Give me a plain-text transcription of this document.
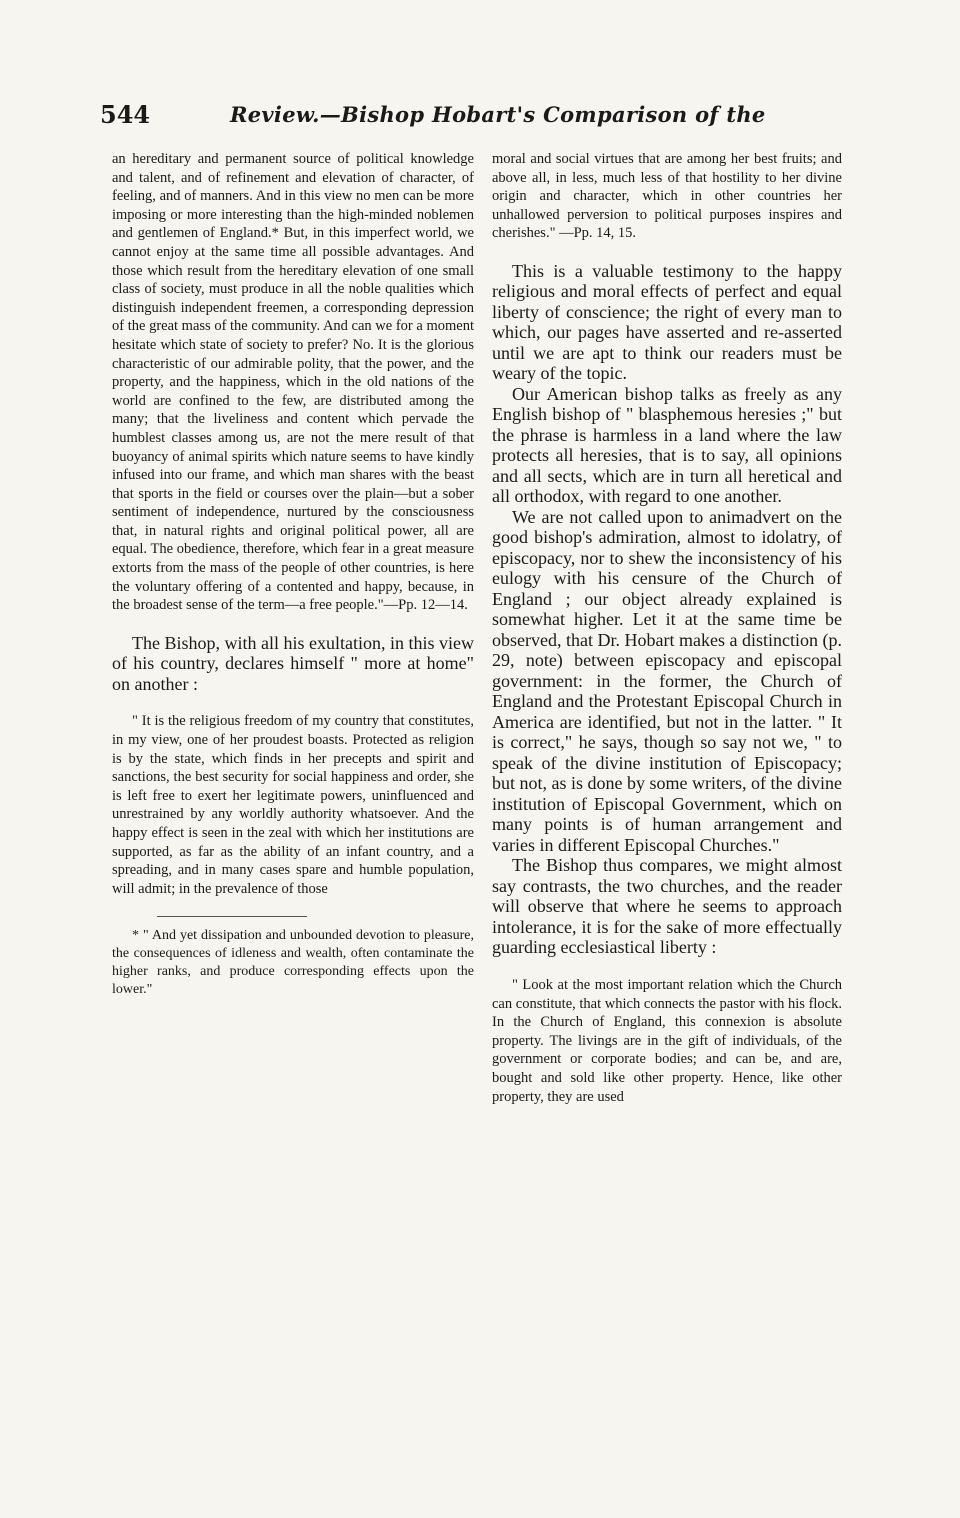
544	Review.—Bishop Hobart's Comparison of the

an hereditary and permanent source of political knowledge and talent, and of refinement and elevation of character, of feeling, and of manners. And in this view no men can be more imposing or more interesting than the high-minded noblemen and gentlemen of England.* But, in this imperfect world, we cannot enjoy at the same time all possible advantages. And those which result from the hereditary elevation of one small class of society, must produce in all the noble qualities which distinguish independent freemen, a corresponding depression of the great mass of the community. And can we for a moment hesitate which state of society to prefer? No. It is the glorious characteristic of our admirable polity, that the power, and the property, and the happiness, which in the old nations of the world are confined to the few, are distributed among the many; that the liveliness and content which pervade the humblest classes among us, are not the mere result of that buoyancy of animal spirits which nature seems to have kindly infused into our frame, and which man shares with the beast that sports in the field or courses over the plain—but a sober sentiment of independence, nurtured by the consciousness that, in natural rights and original political power, all are equal. The obedience, therefore, which fear in a great measure extorts from the mass of the people of other countries, is here the voluntary offering of a contented and happy, because, in the broadest sense of the term—a free people."—Pp. 12—14.

The Bishop, with all his exultation, in this view of his country, declares himself " more at home" on another :

" It is the religious freedom of my country that constitutes, in my view, one of her proudest boasts. Protected as religion is by the state, which finds in her precepts and spirit and sanctions, the best security for social happiness and order, she is left free to exert her legitimate powers, uninfluenced and unrestrained by any worldly authority whatsoever. And the happy effect is seen in the zeal with which her institutions are supported, as far as the ability of an infant country, and a spreading, and in many cases spare and humble population, will admit; in the prevalence of those

* " And yet dissipation and unbounded devotion to pleasure, the consequences of idleness and wealth, often contaminate the higher ranks, and produce corresponding effects upon the lower."

moral and social virtues that are among her best fruits; and above all, in less, much less of that hostility to her divine origin and character, which in other countries her unhallowed perversion to political purposes inspires and cherishes." —Pp. 14, 15.

This is a valuable testimony to the happy religious and moral effects of perfect and equal liberty of conscience; the right of every man to which, our pages have asserted and re-asserted until we are apt to think our readers must be weary of the topic.

Our American bishop talks as freely as any English bishop of " blasphemous heresies ;" but the phrase is harmless in a land where the law protects all heresies, that is to say, all opinions and all sects, which are in turn all heretical and all orthodox, with regard to one another.

We are not called upon to animadvert on the good bishop's admiration, almost to idolatry, of episcopacy, nor to shew the inconsistency of his eulogy with his censure of the Church of England ; our object already explained is somewhat higher. Let it at the same time be observed, that Dr. Hobart makes a distinction (p. 29, note) between episcopacy and episcopal government: in the former, the Church of England and the Protestant Episcopal Church in America are identified, but not in the latter. " It is correct," he says, though so say not we, " to speak of the divine institution of Episcopacy; but not, as is done by some writers, of the divine institution of Episcopal Government, which on many points is of human arrangement and varies in different Episcopal Churches."

The Bishop thus compares, we might almost say contrasts, the two churches, and the reader will observe that where he seems to approach intolerance, it is for the sake of more effectually guarding ecclesiastical liberty :

" Look at the most important relation which the Church can constitute, that which connects the pastor with his flock. In the Church of England, this connexion is absolute property. The livings are in the gift of individuals, of the government or corporate bodies; and can be, and are, bought and sold like other property. Hence, like other property, they are used
